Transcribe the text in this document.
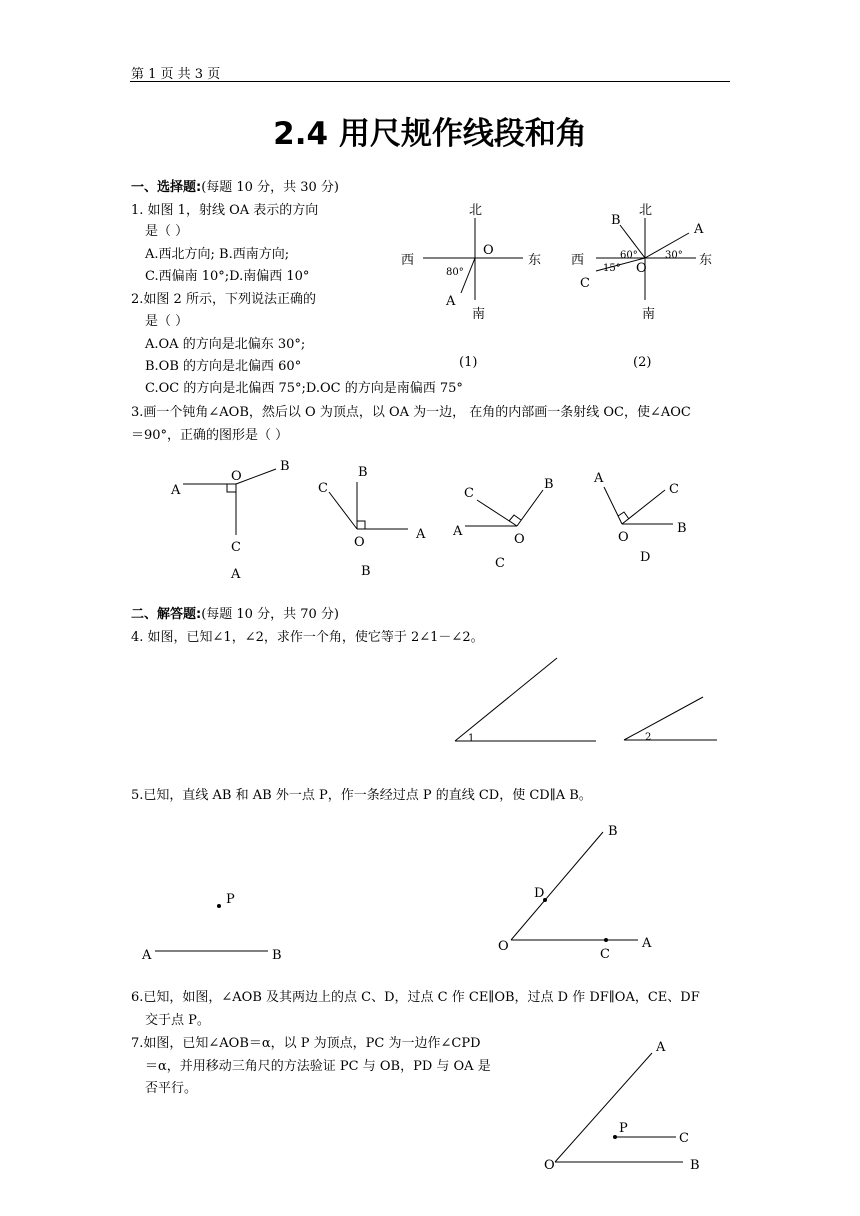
第 1 页 共 3 页
2.4 用尺规作线段和角
一、选择题:(每题 10 分，共 30 分)
1. 如图 1，射线 OA 表示的方向
是（ ）
A.西北方向; B.西南方向;
C.西偏南 10°;D.南偏西 10°
2.如图 2 所示，下列说法正确的
是（ ）
A.OA 的方向是北偏东 30°;
B.OB 的方向是北偏西 60°
C.OC 的方向是北偏西 75°;D.OC 的方向是南偏西 75°
3.画一个钝角∠AOB，然后以 O 为顶点，以 OA 为一边， 在角的内部画一条射线 OC，使∠AOC
＝90°，正确的图形是（ ）
北
南
东
西
O
A
80°
(1)
北
南
东
西
O
A
B
C
60°	30°
15°
(2)
A
O
B
C
A
A
O
B
C
B
A
O
B
C
C
B
O
A
C
D
1	2
P
A	B
O	A
B
C
D
A
O	B
P
C
二、解答题:(每题 10 分，共 70 分)
4. 如图，已知∠1，∠2，求作一个角，使它等于 2∠1－∠2。
5.已知，直线 AB 和 AB 外一点 P，作一条经过点 P 的直线 CD，使 CD∥A B。
6.已知，如图，∠AOB 及其两边上的点 C、D，过点 C 作 CE∥OB，过点 D 作 DF∥OA，CE、DF
交于点 P。
7.如图，已知∠AOB＝α，以 P 为顶点，PC 为一边作∠CPD
＝α，并用移动三角尺的方法验证 PC 与 OB，PD 与 OA 是
否平行。
